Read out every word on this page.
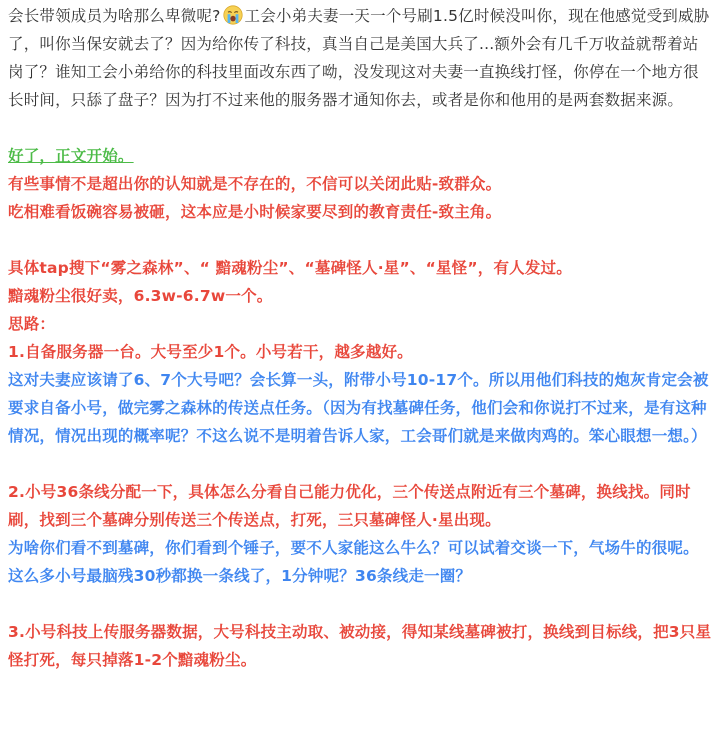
会长带领成员为啥那么卑微呢? 工会小弟夫妻一天一个号刷1.5亿时候没叫你，现在他感觉受到威胁了，叫你当保安就去了？因为给你传了科技，真当自己是美国大兵了...额外会有几千万收益就帮着站岗了？谁知工会小弟给你的科技里面改东西了呦，没发现这对夫妻一直换线打怪，你停在一个地方很长时间，只舔了盘子？因为打不过来他的服务器才通知你去，或者是你和他用的是两套数据来源。

好了，正文开始。

有些事情不是超出你的认知就是不存在的，不信可以关闭此贴-致群众。

吃相难看饭碗容易被砸，这本应是小时候家要尽到的教育责任-致主角。

具体tap搜下“雾之森林”、“ 黯魂粉尘”、“墓碑怪人·星”、“星怪”，有人发过。

黯魂粉尘很好卖，6.3w-6.7w一个。

思路：

1.自备服务器一台。大号至少1个。小号若干，越多越好。

这对夫妻应该请了6、7个大号吧？会长算一头，附带小号10-17个。所以用他们科技的炮灰肯定会被要求自备小号，做完雾之森林的传送点任务。（因为有找墓碑任务，他们会和你说打不过来，是有这种情况，情况出现的概率呢？不这么说不是明着告诉人家，工会哥们就是来做肉鸡的。笨心眼想一想。）

2.小号36条线分配一下，具体怎么分看自己能力优化，三个传送点附近有三个墓碑，换线找。同时刷，找到三个墓碑分别传送三个传送点，打死，三只墓碑怪人·星出现。

为啥你们看不到墓碑，你们看到个锤子，要不人家能这么牛么？可以试着交谈一下，气场牛的很呢。这么多小号最脑残30秒都换一条线了，1分钟呢？36条线走一圈？

3.小号科技上传服务器数据，大号科技主动取、被动接，得知某线墓碑被打，换线到目标线，把3只星怪打死，每只掉落1-2个黯魂粉尘。
